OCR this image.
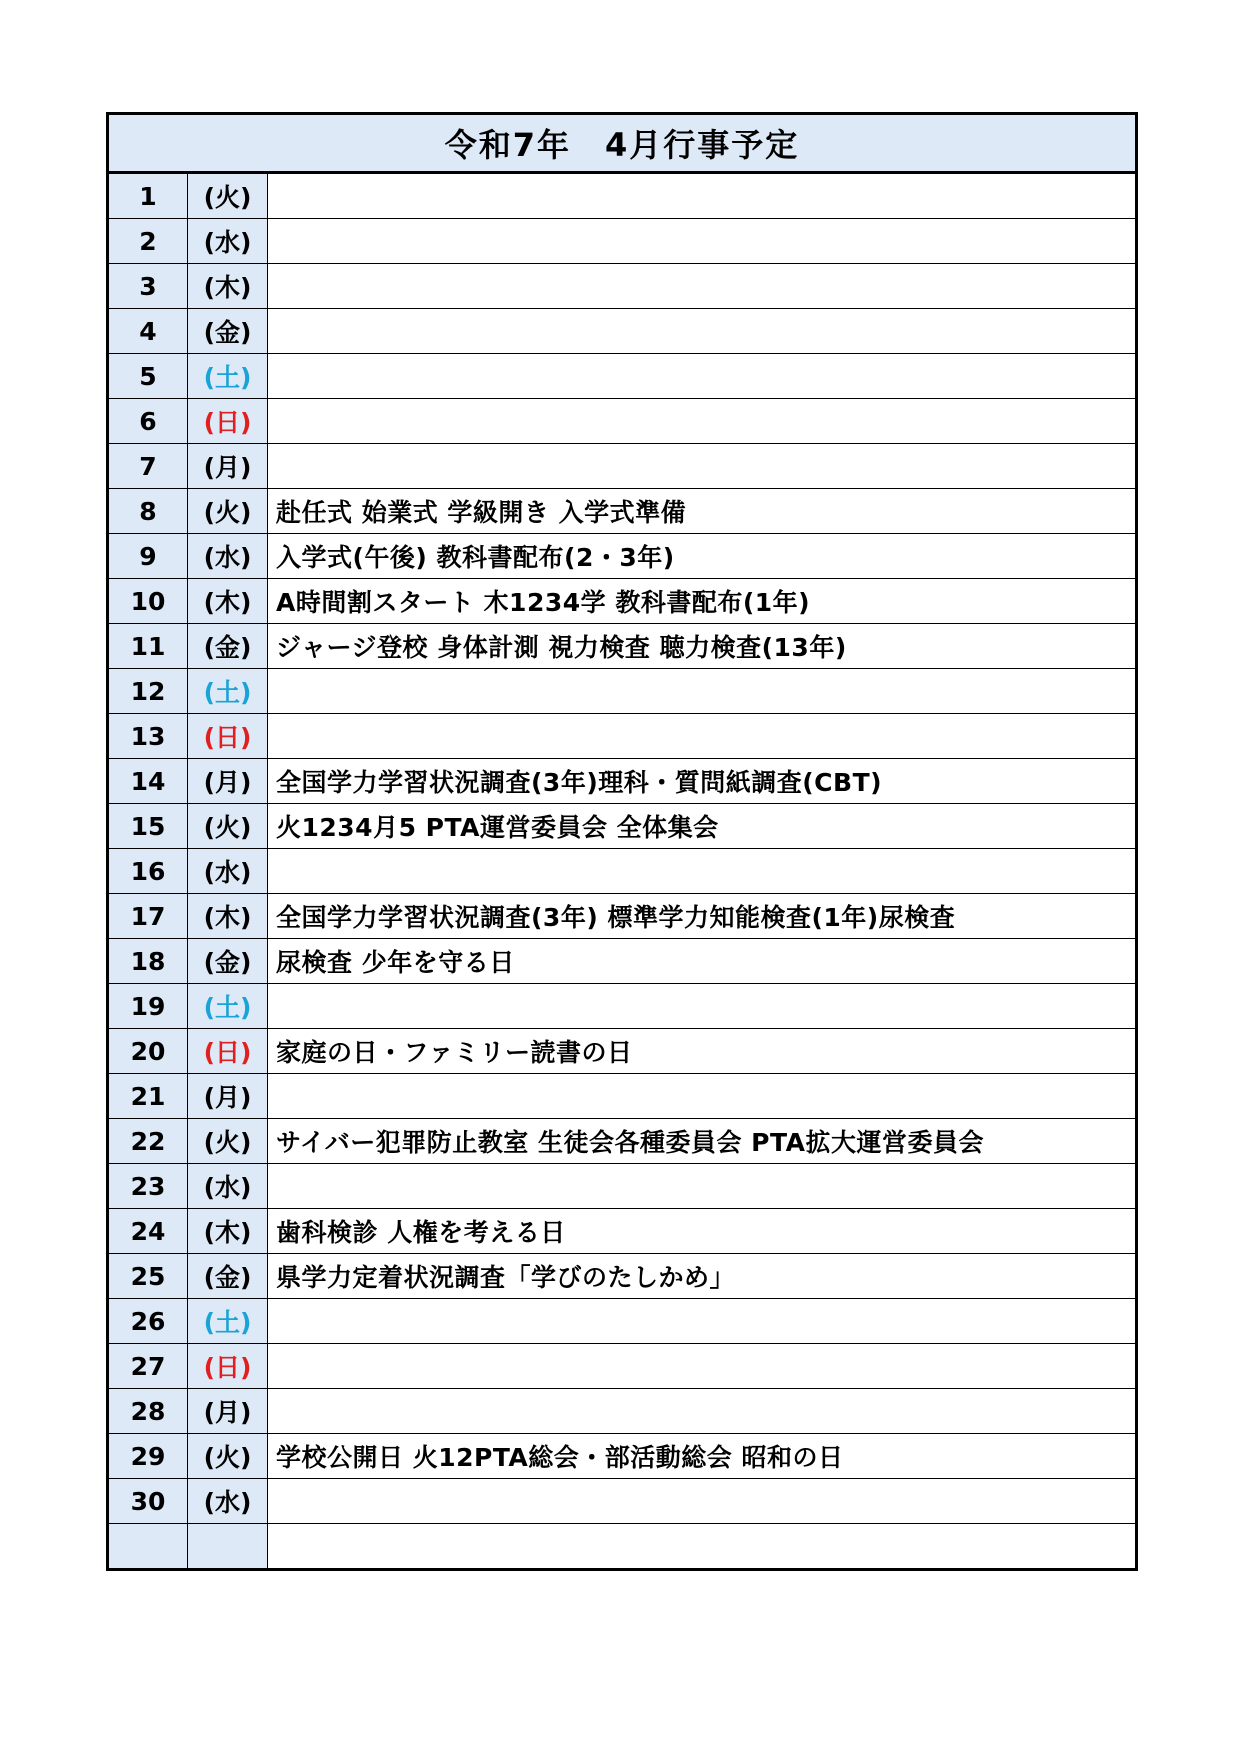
令和7年　4月行事予定		
1	(火)	
2	(水)	
3	(木)	
4	(金)	
5	(土)	
6	(日)	
7	(月)	
8	(火)	赴任式 始業式 学級開き 入学式準備
9	(水)	入学式(午後) 教科書配布(2・3年)
10	(木)	A時間割スタート 木1234学 教科書配布(1年)
11	(金)	ジャージ登校 身体計測 視力検査 聴力検査(13年)
12	(土)	
13	(日)	
14	(月)	全国学力学習状況調査(3年)理科・質問紙調査(CBT)
15	(火)	火1234月5 PTA運営委員会 全体集会
16	(水)	
17	(木)	全国学力学習状況調査(3年) 標準学力知能検査(1年)尿検査
18	(金)	尿検査 少年を守る日
19	(土)	
20	(日)	家庭の日・ファミリー読書の日
21	(月)	
22	(火)	サイバー犯罪防止教室 生徒会各種委員会 PTA拡大運営委員会
23	(水)	
24	(木)	歯科検診 人権を考える日
25	(金)	県学力定着状況調査「学びのたしかめ」
26	(土)	
27	(日)	
28	(月)	
29	(火)	学校公開日 火12PTA総会・部活動総会 昭和の日
30	(水)	
